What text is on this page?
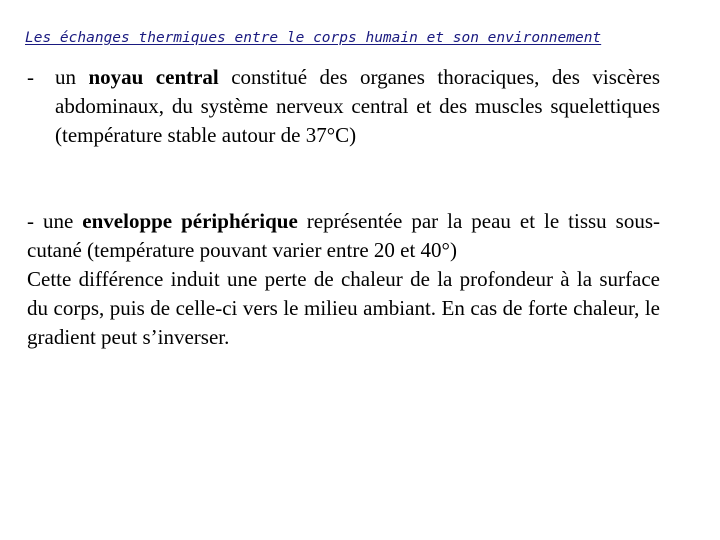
Les échanges thermiques entre le corps humain et son environnement

- un noyau central constitué des organes thoraciques, des viscères abdominaux, du système nerveux central et des muscles squelettiques (température stable autour de 37°C)

- une enveloppe périphérique représentée par la peau et le tissu sous-cutané (température pouvant varier entre 20 et 40°)

Cette différence induit une perte de chaleur de la profondeur à la surface du corps, puis de celle-ci vers le milieu ambiant. En cas de forte chaleur, le gradient peut s’inverser.
